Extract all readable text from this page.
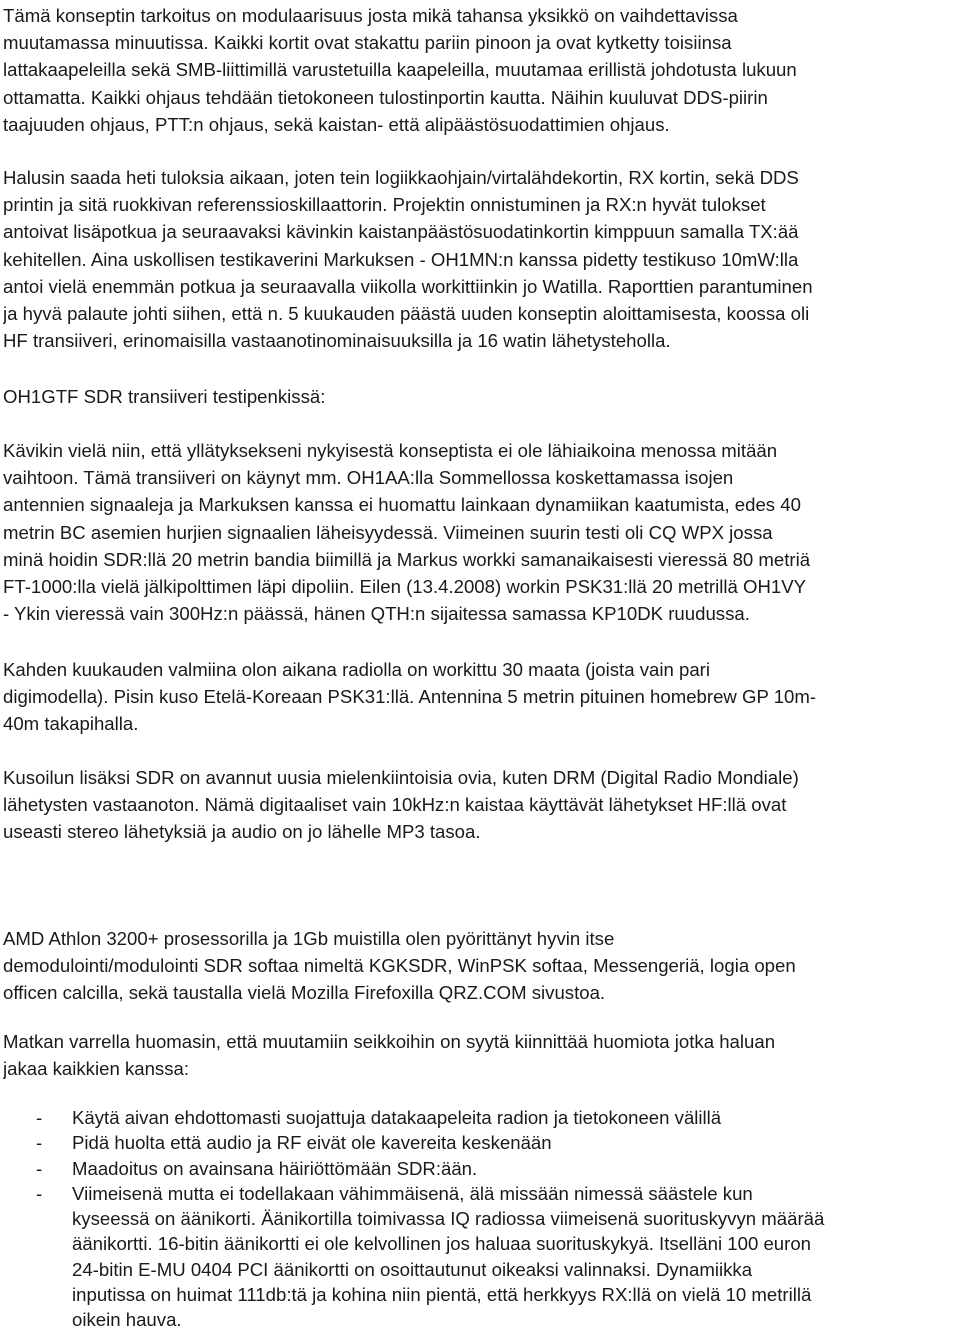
Tämä konseptin tarkoitus on modulaarisuus josta mikä tahansa yksikkö on vaihdettavissa
muutamassa minuutissa. Kaikki kortit ovat stakattu pariin pinoon ja ovat kytketty toisiinsa
lattakaapeleilla sekä SMB-liittimillä varustetuilla kaapeleilla, muutamaa erillistä johdotusta lukuun
ottamatta. Kaikki ohjaus tehdään tietokoneen tulostinportin kautta. Näihin kuuluvat DDS-piirin
taajuuden ohjaus, PTT:n ohjaus, sekä kaistan- että alipäästösuodattimien ohjaus.

Halusin saada heti tuloksia aikaan, joten tein logiikkaohjain/virtalähdekortin, RX kortin, sekä DDS
printin ja sitä ruokkivan referenssioskillaattorin. Projektin onnistuminen ja RX:n hyvät tulokset
antoivat lisäpotkua ja seuraavaksi kävinkin kaistanpäästösuodatinkortin kimppuun samalla TX:ää
kehitellen. Aina uskollisen testikaverini Markuksen - OH1MN:n kanssa pidetty testikuso 10mW:lla
antoi vielä enemmän potkua ja seuraavalla viikolla workittiinkin jo Watilla. Raporttien parantuminen
ja hyvä palaute johti siihen, että n. 5 kuukauden päästä uuden konseptin aloittamisesta, koossa oli
HF transiiveri, erinomaisilla vastaanotinominaisuuksilla ja 16 watin lähetysteholla.

OH1GTF SDR transiiveri testipenkissä:

Kävikin vielä niin, että yllätyksekseni nykyisestä konseptista ei ole lähiaikoina menossa mitään
vaihtoon. Tämä transiiveri on käynyt mm. OH1AA:lla Sommellossa koskettamassa isojen
antennien signaaleja ja Markuksen kanssa ei huomattu lainkaan dynamiikan kaatumista, edes 40
metrin BC asemien hurjien signaalien läheisyydessä. Viimeinen suurin testi oli CQ WPX jossa
minä hoidin SDR:llä 20 metrin bandia biimillä ja Markus workki samanaikaisesti vieressä 80 metriä
FT-1000:lla vielä jälkipolttimen läpi dipoliin. Eilen (13.4.2008) workin PSK31:llä 20 metrillä OH1VY
- Ykin vieressä vain 300Hz:n päässä, hänen QTH:n sijaitessa samassa KP10DK ruudussa.

Kahden kuukauden valmiina olon aikana radiolla on workittu 30 maata (joista vain pari
digimodella). Pisin kuso Etelä-Koreaan PSK31:llä. Antennina 5 metrin pituinen homebrew GP 10m-
40m takapihalla.

Kusoilun lisäksi SDR on avannut uusia mielenkiintoisia ovia, kuten DRM (Digital Radio Mondiale)
lähetysten vastaanoton. Nämä digitaaliset vain 10kHz:n kaistaa käyttävät lähetykset HF:llä ovat
useasti stereo lähetyksiä ja audio on jo lähelle MP3 tasoa.

AMD Athlon 3200+ prosessorilla ja 1Gb muistilla olen pyörittänyt hyvin itse
demodulointi/modulointi SDR softaa nimeltä KGKSDR, WinPSK softaa, Messengeriä, logia open
officen calcilla, sekä taustalla vielä Mozilla Firefoxilla QRZ.COM sivustoa.

Matkan varrella huomasin, että muutamiin seikkoihin on syytä kiinnittää huomiota jotka haluan
jakaa kaikkien kanssa:

- Käytä aivan ehdottomasti suojattuja datakaapeleita radion ja tietokoneen välillä
- Pidä huolta että audio ja RF eivät ole kavereita keskenään
- Maadoitus on avainsana häiriöttömään SDR:ään.
- Viimeisenä mutta ei todellakaan vähimmäisenä, älä missään nimessä säästele kun
kyseessä on äänikorti. Äänikortilla toimivassa IQ radiossa viimeisenä suorituskyvyn määrää
äänikortti. 16-bitin äänikortti ei ole kelvollinen jos haluaa suorituskykyä. Itselläni 100 euron
24-bitin E-MU 0404 PCI äänikortti on osoittautunut oikeaksi valinnaksi. Dynamiikka
inputissa on huimat 111db:tä ja kohina niin pientä, että herkkyys RX:llä on vielä 10 metrillä
oikein hauva.
